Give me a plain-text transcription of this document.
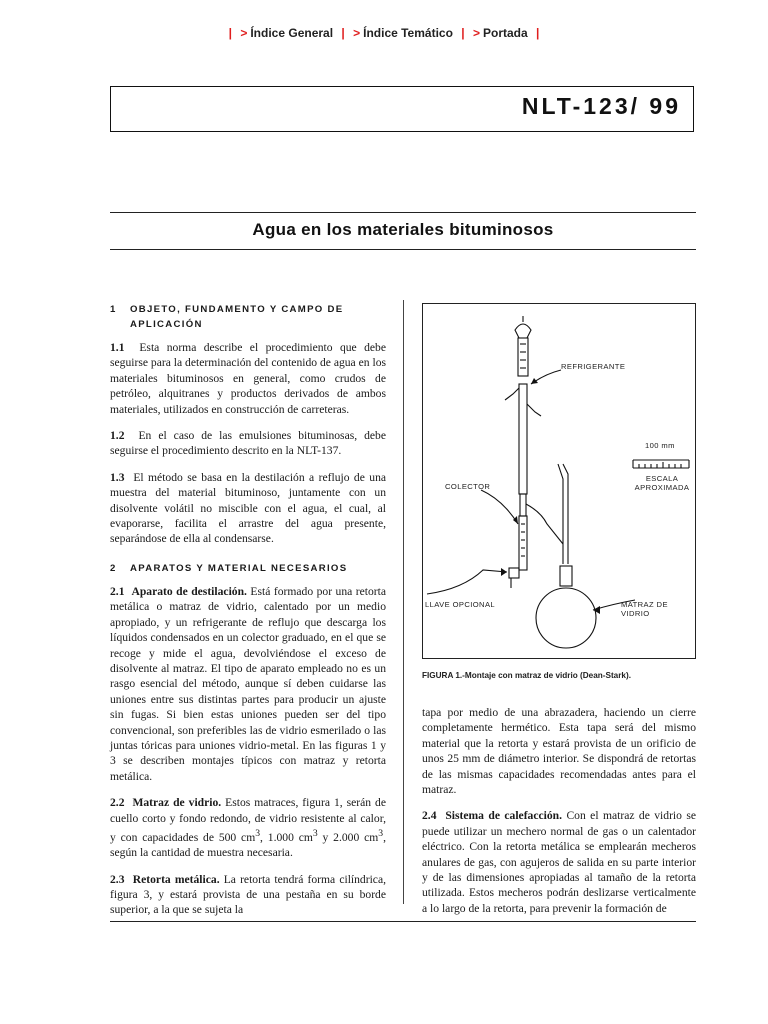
| > Índice General | > Índice Temático | > Portada |
NLT-123/ 99
Agua en los materiales bituminosos
1 OBJETO, FUNDAMENTO Y CAMPO DE
APLICACIÓN

1.1 Esta norma describe el procedimiento que debe seguirse para la determinación del contenido de agua en los materiales bituminosos en general, como crudos de petróleo, alquitranes y productos derivados de ambos materiales, utilizados en construcción de carreteras.

1.2 En el caso de las emulsiones bituminosas, debe seguirse el procedimiento descrito en la NLT-137.

1.3 El método se basa en la destilación a reflujo de una muestra del material bituminoso, juntamente con un disolvente volátil no miscible con el agua, el cual, al evaporarse, facilita el arrastre del agua presente, separándose de ella al condensarse.

2 APARATOS Y MATERIAL NECESARIOS

2.1 Aparato de destilación. Está formado por una retorta metálica o matraz de vidrio, calentado por un medio apropiado, y un refrigerante de reflujo que descarga los líquidos condensados en un colector graduado, en el que se recoge y mide el agua, devolviéndose el exceso de disolvente al matraz. El tipo de aparato empleado no es un rasgo esencial del método, aunque sí deben cuidarse las uniones entre sus distintas partes para producir un ajuste sin fugas. Si bien estas uniones pueden ser del tipo convencional, son preferibles las de vidrio esmerilado o las juntas tóricas para uniones vidrio-metal. En las figuras 1 y 3 se describen montajes típicos con matraz y retorta metálica.

2.2 Matraz de vidrio. Estos matraces, figura 1, serán de cuello corto y fondo redondo, de vidrio resistente al calor, y con capacidades de 500 $cm^3$, 1.000 $cm^3$ y 2.000 $cm^3$, según la cantidad de muestra necesaria.

2.3 Retorta metálica. La retorta tendrá forma cilíndrica, figura 3, y estará provista de una pestaña en su borde superior, a la que se sujeta la

REFRIGERANTE
100 mm
ESCALA
APROXIMADA
COLECTOR
LLAVE OPCIONAL	MATRAZ DE VIDRIO
FIGURA 1.-Montaje con matraz de vidrio (Dean-Stark).

tapa por medio de una abrazadera, haciendo un cierre completamente hermético. Esta tapa será del mismo material que la retorta y estará provista de un orificio de unos 25 mm de diámetro interior. Se dispondrá de retortas de las mismas capacidades recomendadas antes para el matraz.

2.4 Sistema de calefacción. Con el matraz de vidrio se puede utilizar un mechero normal de gas o un calentador eléctrico. Con la retorta metálica se emplearán mecheros anulares de gas, con agujeros de salida en su parte interior y de las dimensiones apropiadas al tamaño de la retorta utilizada. Estos mecheros podrán deslizarse verticalmente a lo largo de la retorta, para prevenir la formación de
